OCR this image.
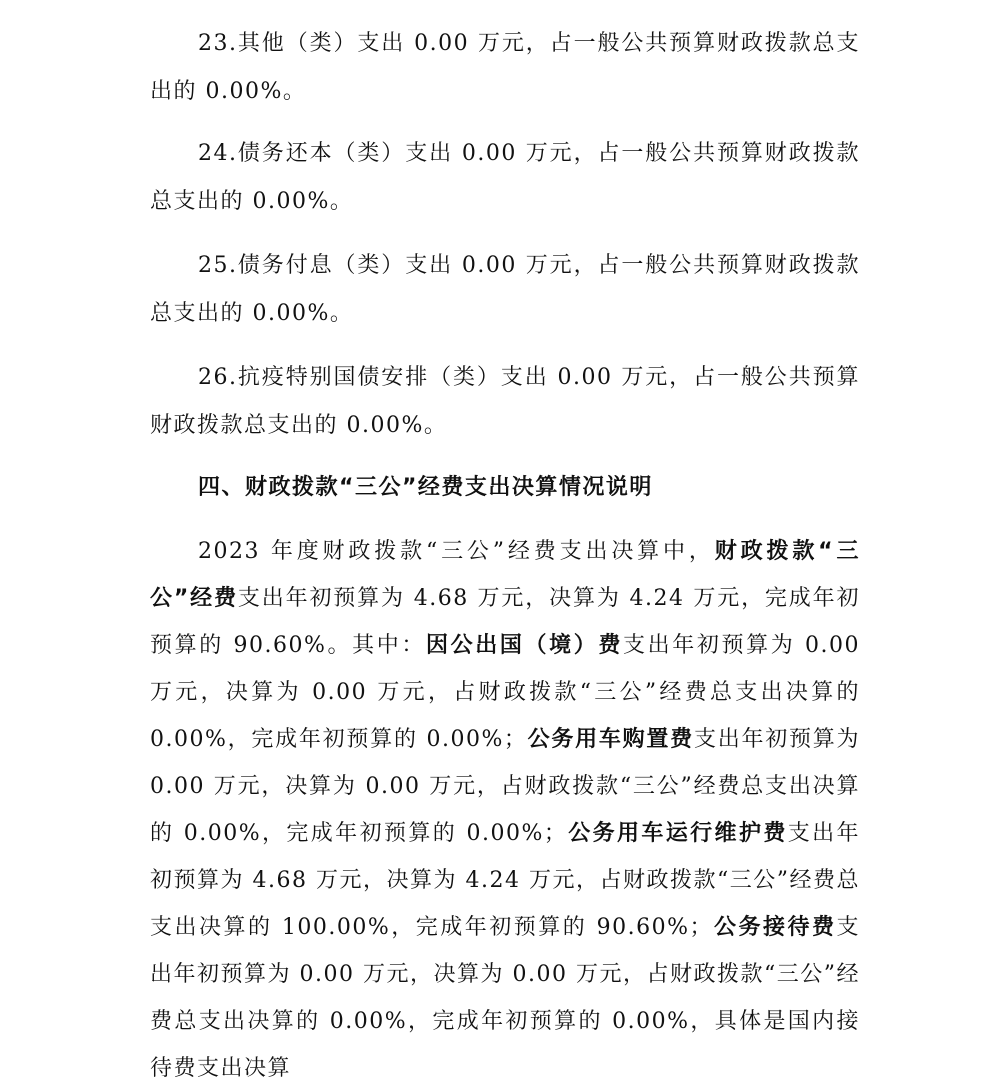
23.其他（类）支出 0.00 万元，占一般公共预算财政拨款总支出的 0.00%。

24.债务还本（类）支出 0.00 万元，占一般公共预算财政拨款总支出的 0.00%。

25.债务付息（类）支出 0.00 万元，占一般公共预算财政拨款总支出的 0.00%。

26.抗疫特别国债安排（类）支出 0.00 万元，占一般公共预算财政拨款总支出的 0.00%。

四、财政拨款“三公”经费支出决算情况说明

2023 年度财政拨款“三公”经费支出决算中，财政拨款“三公”经费支出年初预算为 4.68 万元，决算为 4.24 万元，完成年初预算的 90.60%。其中：因公出国（境）费支出年初预算为 0.00 万元，决算为 0.00 万元，占财政拨款“三公”经费总支出决算的 0.00%，完成年初预算的 0.00%；公务用车购置费支出年初预算为 0.00 万元，决算为 0.00 万元，占财政拨款“三公”经费总支出决算的 0.00%，完成年初预算的 0.00%；公务用车运行维护费支出年初预算为 4.68 万元，决算为 4.24 万元，占财政拨款“三公”经费总支出决算的 100.00%，完成年初预算的 90.60%；公务接待费支出年初预算为 0.00 万元，决算为 0.00 万元，占财政拨款“三公”经费总支出决算的 0.00%，完成年初预算的 0.00%，具体是国内接待费支出决算
